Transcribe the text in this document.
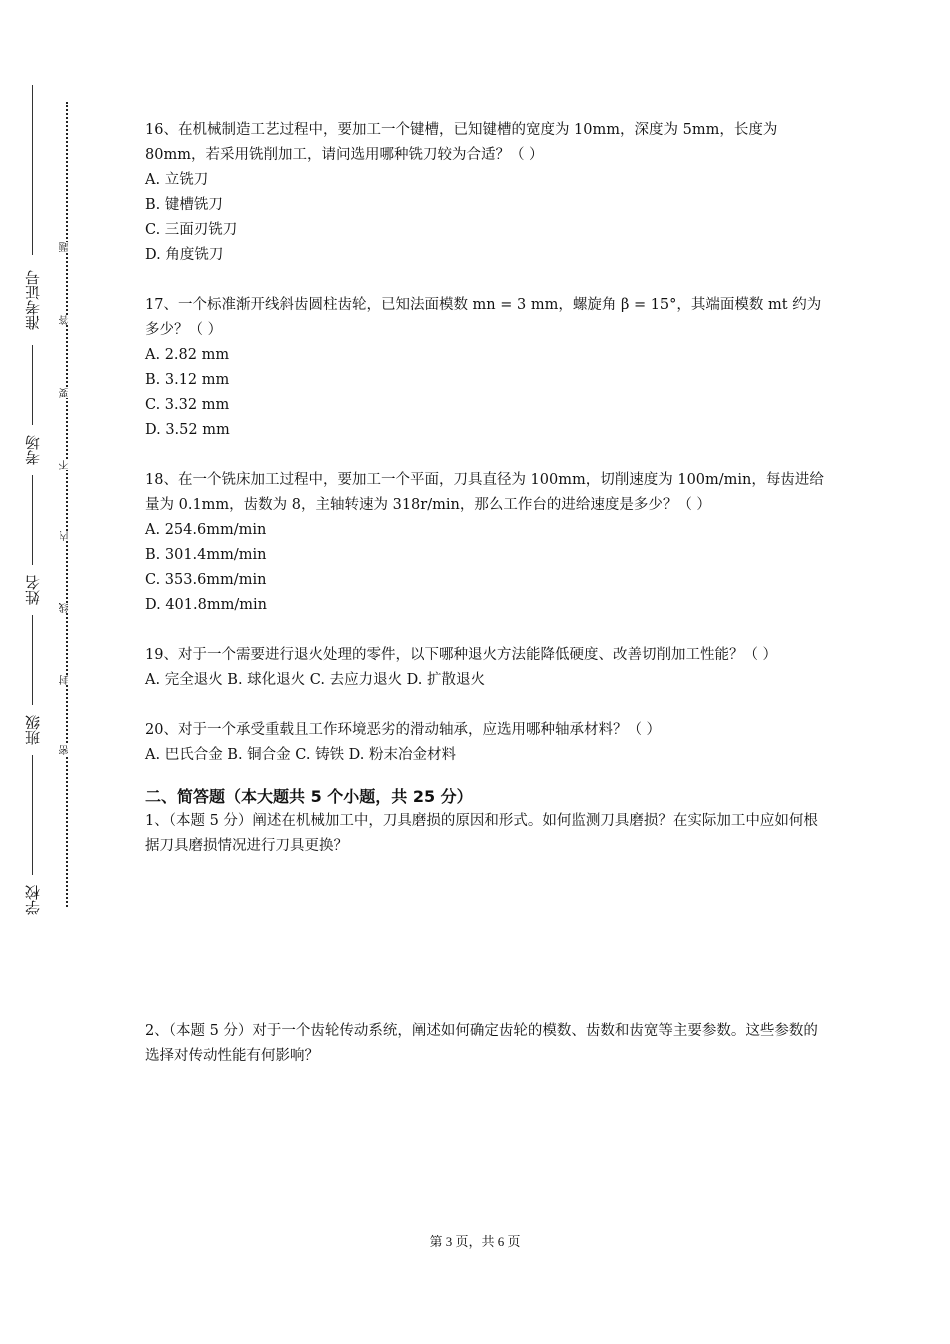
准考证号
考场
姓名
班级
学校
题
答
要
不
内
线
封
密
16、在机械制造工艺过程中，要加工一个键槽，已知键槽的宽度为 10mm，深度为 5mm，长度为 80mm，若采用铣削加工，请问选用哪种铣刀较为合适？（ ）
A. 立铣刀
B. 键槽铣刀
C. 三面刃铣刀
D. 角度铣刀
17、一个标准渐开线斜齿圆柱齿轮，已知法面模数 mn = 3 mm，螺旋角 β = 15°，其端面模数 mt 约为多少？（ ）
A. 2.82 mm
B. 3.12 mm
C. 3.32 mm
D. 3.52 mm
18、在一个铣床加工过程中，要加工一个平面，刀具直径为 100mm，切削速度为 100m/min，每齿进给量为 0.1mm，齿数为 8，主轴转速为 318r/min，那么工作台的进给速度是多少？（ ）
A. 254.6mm/min
B. 301.4mm/min
C. 353.6mm/min
D. 401.8mm/min
19、对于一个需要进行退火处理的零件，以下哪种退火方法能降低硬度、改善切削加工性能？（ ）
A. 完全退火 B. 球化退火 C. 去应力退火 D. 扩散退火
20、对于一个承受重载且工作环境恶劣的滑动轴承，应选用哪种轴承材料？（ ）
A. 巴氏合金 B. 铜合金 C. 铸铁 D. 粉末冶金材料
二、简答题（本大题共 5 个小题，共 25 分）
1、（本题 5 分）阐述在机械加工中，刀具磨损的原因和形式。如何监测刀具磨损？在实际加工中应如何根据刀具磨损情况进行刀具更换？
2、（本题 5 分）对于一个齿轮传动系统，阐述如何确定齿轮的模数、齿数和齿宽等主要参数。这些参数的选择对传动性能有何影响？
第 3 页，共 6 页
